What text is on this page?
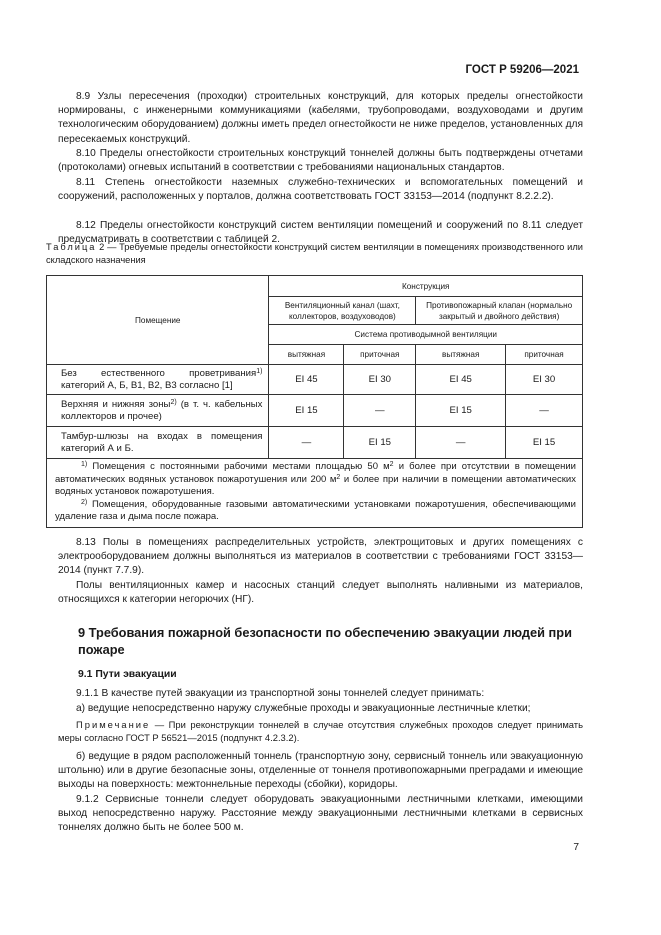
ГОСТ Р 59206—2021

8.9 Узлы пересечения (проходки) строительных конструкций, для которых пределы огнестойкости нормированы, с инженерными коммуникациями (кабелями, трубопроводами, воздуховодами и другим технологическим оборудованием) должны иметь предел огнестойкости не ниже пределов, установленных для пересекаемых конструкций.

8.10 Пределы огнестойкости строительных конструкций тоннелей должны быть подтверждены отчетами (протоколами) огневых испытаний в соответствии с требованиями национальных стандартов.

8.11 Степень огнестойкости наземных служебно-технических и вспомогательных помещений и сооружений, расположенных у порталов, должна соответствовать ГОСТ 33153—2014 (подпункт 8.2.2.2).

8.12 Пределы огнестойкости конструкций систем вентиляции помещений и сооружений по 8.11 следует предусматривать в соответствии с таблицей 2.

Таблица 2 — Требуемые пределы огнестойкости конструкций систем вентиляции в помещениях производственного или складского назначения

Помещение	Конструкция			
	Вентиляционный канал (шахт, коллекторов, воздуховодов)		Противопожарный клапан (нормально закрытый и двойного действия)	
	Система противодымной вентиляции			
	вытяжная	приточная	вытяжная	приточная
Без естественного проветривания$^{1)}$ категорий А, Б, В1, В2, В3 согласно [1]	EI 45	EI 30	EI 45	EI 30
Верхняя и нижняя зоны$^{2)}$ (в т. ч. кабельных коллекторов и прочее)	EI 15	—	EI 15	—
Тамбур-шлюзы на входах в помещения категорий А и Б.	—	EI 15	—	EI 15

$^{1)}$ Помещения с постоянными рабочими местами площадью 50 $м^2$ и более при отсутствии в помещении автоматических водяных установок пожаротушения или 200 $м^2$ и более при наличии в помещении автоматических водяных установок пожаротушения.

$^{2)}$ Помещения, оборудованные газовыми автоматическими установками пожаротушения, обеспечивающими удаление газа и дыма после пожара.				

8.13 Полы в помещениях распределительных устройств, электрощитовых и других помещениях с электрооборудованием должны выполняться из материалов в соответствии с требованиями ГОСТ 33153—2014 (пункт 7.7.9).

Полы вентиляционных камер и насосных станций следует выполнять наливными из материалов, относящихся к категории негорючих (НГ).

9 Требования пожарной безопасности по обеспечению эвакуации людей при пожаре

9.1 Пути эвакуации

9.1.1 В качестве путей эвакуации из транспортной зоны тоннелей следует принимать:

а) ведущие непосредственно наружу служебные проходы и эвакуационные лестничные клетки;

Примечание — При реконструкции тоннелей в случае отсутствия служебных проходов следует принимать меры согласно ГОСТ Р 56521—2015 (подпункт 4.2.3.2).

б) ведущие в рядом расположенный тоннель (транспортную зону, сервисный тоннель или эвакуационную штольню) или в другие безопасные зоны, отделенные от тоннеля противопожарными преградами и имеющие выходы на поверхность: межтоннельные переходы (сбойки), коридоры.

9.1.2 Сервисные тоннели следует оборудовать эвакуационными лестничными клетками, имеющими выход непосредственно наружу. Расстояние между эвакуационными лестничными клетками в сервисных тоннелях должно быть не более 500 м.

7
